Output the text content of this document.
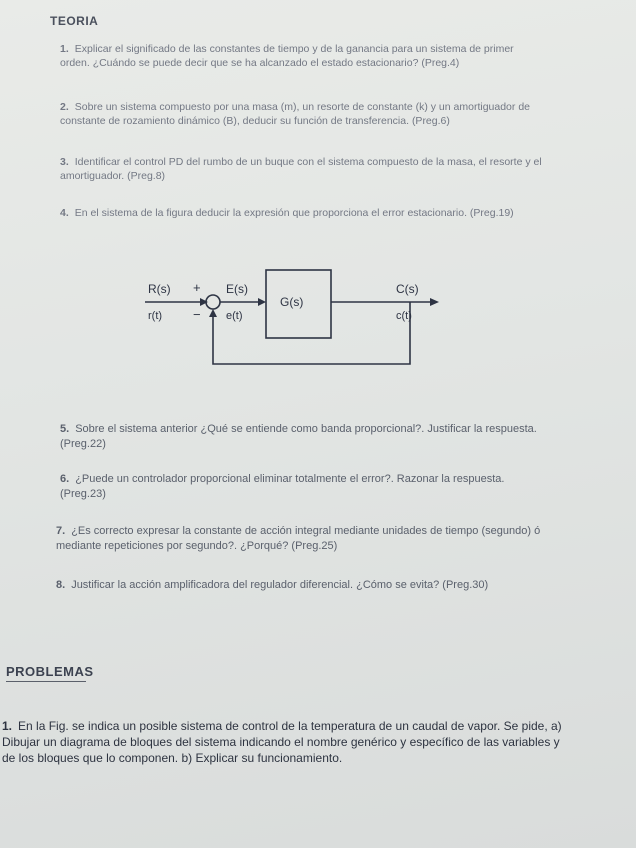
TEORIA
1. Explicar el significado de las constantes de tiempo y de la ganancia para un sistema de primer orden. ¿Cuándo se puede decir que se ha alcanzado el estado estacionario? (Preg.4)
2. Sobre un sistema compuesto por una masa (m), un resorte de constante (k) y un amortiguador de constante de rozamiento dinámico (B), deducir su función de transferencia. (Preg.6)
3. Identificar el control PD del rumbo de un buque con el sistema compuesto de la masa, el resorte y el amortiguador. (Preg.8)
4. En el sistema de la figura deducir la expresión que proporciona el error estacionario. (Preg.19)
R(s)
r(t)
+
−
E(s)
e(t)
G(s)
C(s)
c(t)
5. Sobre el sistema anterior ¿Qué se entiende como banda proporcional?. Justificar la respuesta. (Preg.22)
6. ¿Puede un controlador proporcional eliminar totalmente el error?. Razonar la respuesta. (Preg.23)
7. ¿Es correcto expresar la constante de acción integral mediante unidades de tiempo (segundo) ó mediante repeticiones por segundo?. ¿Porqué? (Preg.25)
8. Justificar la acción amplificadora del regulador diferencial. ¿Cómo se evita? (Preg.30)
PROBLEMAS
1. En la Fig. se indica un posible sistema de control de la temperatura de un caudal de vapor. Se pide, a) Dibujar un diagrama de bloques del sistema indicando el nombre genérico y específico de las variables y de los bloques que lo componen. b) Explicar su funcionamiento.
